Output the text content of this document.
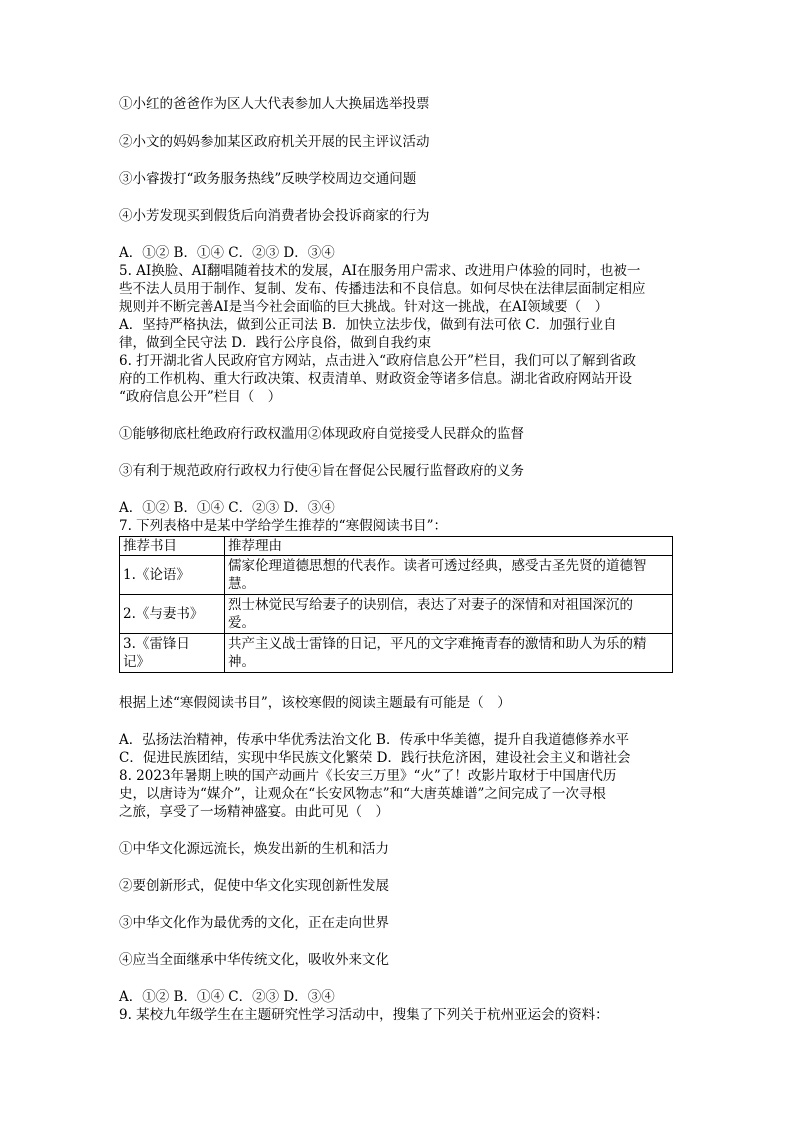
①小红的爸爸作为区人大代表参加人大换届选举投票
②小文的妈妈参加某区政府机关开展的民主评议活动
③小睿拨打“政务服务热线”反映学校周边交通问题
④小芳发现买到假货后向消费者协会投诉商家的行为
A．①② B．①④ C．②③ D．③④
5. AI换脸、AI翻唱随着技术的发展，AI在服务用户需求、改进用户体验的同时，也被一
些不法人员用于制作、复制、发布、传播违法和不良信息。如何尽快在法律层面制定相应
规则并不断完善AI是当今社会面临的巨大挑战。针对这一挑战，在AI领域要（　）
A．坚持严格执法，做到公正司法 B．加快立法步伐，做到有法可依 C．加强行业自
律，做到全民守法 D．践行公序良俗，做到自我约束
6. 打开湖北省人民政府官方网站，点击进入“政府信息公开”栏目，我们可以了解到省政
府的工作机构、重大行政决策、权责清单、财政资金等诸多信息。湖北省政府网站开设
“政府信息公开”栏目（　）
①能够彻底杜绝政府行政权滥用②体现政府自觉接受人民群众的监督
③有利于规范政府行政权力行使④旨在督促公民履行监督政府的义务
A．①② B．①④ C．②③ D．③④
7. 下列表格中是某中学给学生推荐的“寒假阅读书目”：
推荐书目	推荐理由
1.《论语》	儒家伦理道德思想的代表作。读者可透过经典，感受古圣先贤的道德智
慧。
2.《与妻书》	烈士林觉民写给妻子的诀别信，表达了对妻子的深情和对祖国深沉的
爱。
3.《雷锋日
记》	共产主义战士雷锋的日记，平凡的文字难掩青春的激情和助人为乐的精
神。
根据上述“寒假阅读书目”，该校寒假的阅读主题最有可能是（　）
A．弘扬法治精神，传承中华优秀法治文化 B．传承中华美德，提升自我道德修养水平
C．促进民族团结，实现中华民族文化繁荣 D．践行扶危济困，建设社会主义和谐社会
8. 2023年暑期上映的国产动画片《长安三万里》“火”了！改影片取材于中国唐代历
史，以唐诗为“媒介”，让观众在“长安风物志”和“大唐英雄谱”之间完成了一次寻根
之旅，享受了一场精神盛宴。由此可见（　）
①中华文化源远流长，焕发出新的生机和活力
②要创新形式，促使中华文化实现创新性发展
③中华文化作为最优秀的文化，正在走向世界
④应当全面继承中华传统文化，吸收外来文化
A．①② B．①④ C．②③ D．③④
9. 某校九年级学生在主题研究性学习活动中，搜集了下列关于杭州亚运会的资料：
